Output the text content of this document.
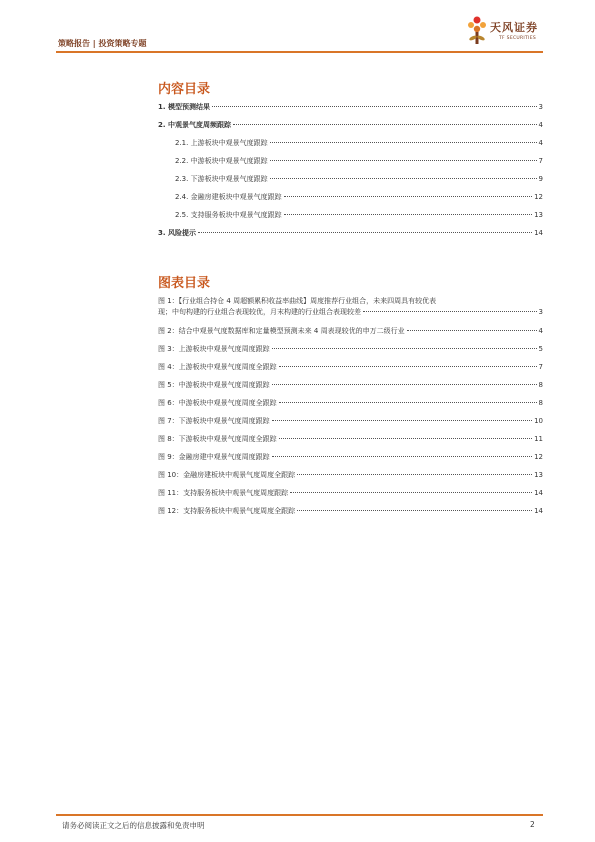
策略报告 | 投资策略专题
天风证券
TF SECURITIES
内容目录
1. 模型预测结果	3
2. 中观景气度周频跟踪	4
2.1. 上游板块中观景气度跟踪	4
2.2. 中游板块中观景气度跟踪	7
2.3. 下游板块中观景气度跟踪	9
2.4. 金融房建板块中观景气度跟踪	12
2.5. 支持服务板块中观景气度跟踪	13
3. 风险提示	14
图表目录
图 1：【行业组合持仓 4 周超额累积收益率曲线】周度推荐行业组合，未来四周具有较优表
现；中旬构建的行业组合表现较优，月末构建的行业组合表现较差	3
图 2：结合中观景气度数据库和定量模型预测未来 4 周表现较优的申万二级行业	4
图 3：上游板块中观景气度周度跟踪	5
图 4：上游板块中观景气度周度全跟踪	7
图 5：中游板块中观景气度周度跟踪	8
图 6：中游板块中观景气度周度全跟踪	8
图 7：下游板块中观景气度周度跟踪	10
图 8：下游板块中观景气度周度全跟踪	11
图 9：金融房建中观景气度周度跟踪	12
图 10：金融房建板块中观景气度周度全跟踪	13
图 11：支持服务板块中观景气度周度跟踪	14
图 12：支持服务板块中观景气度周度全跟踪	14
请务必阅读正文之后的信息披露和免责申明	2
